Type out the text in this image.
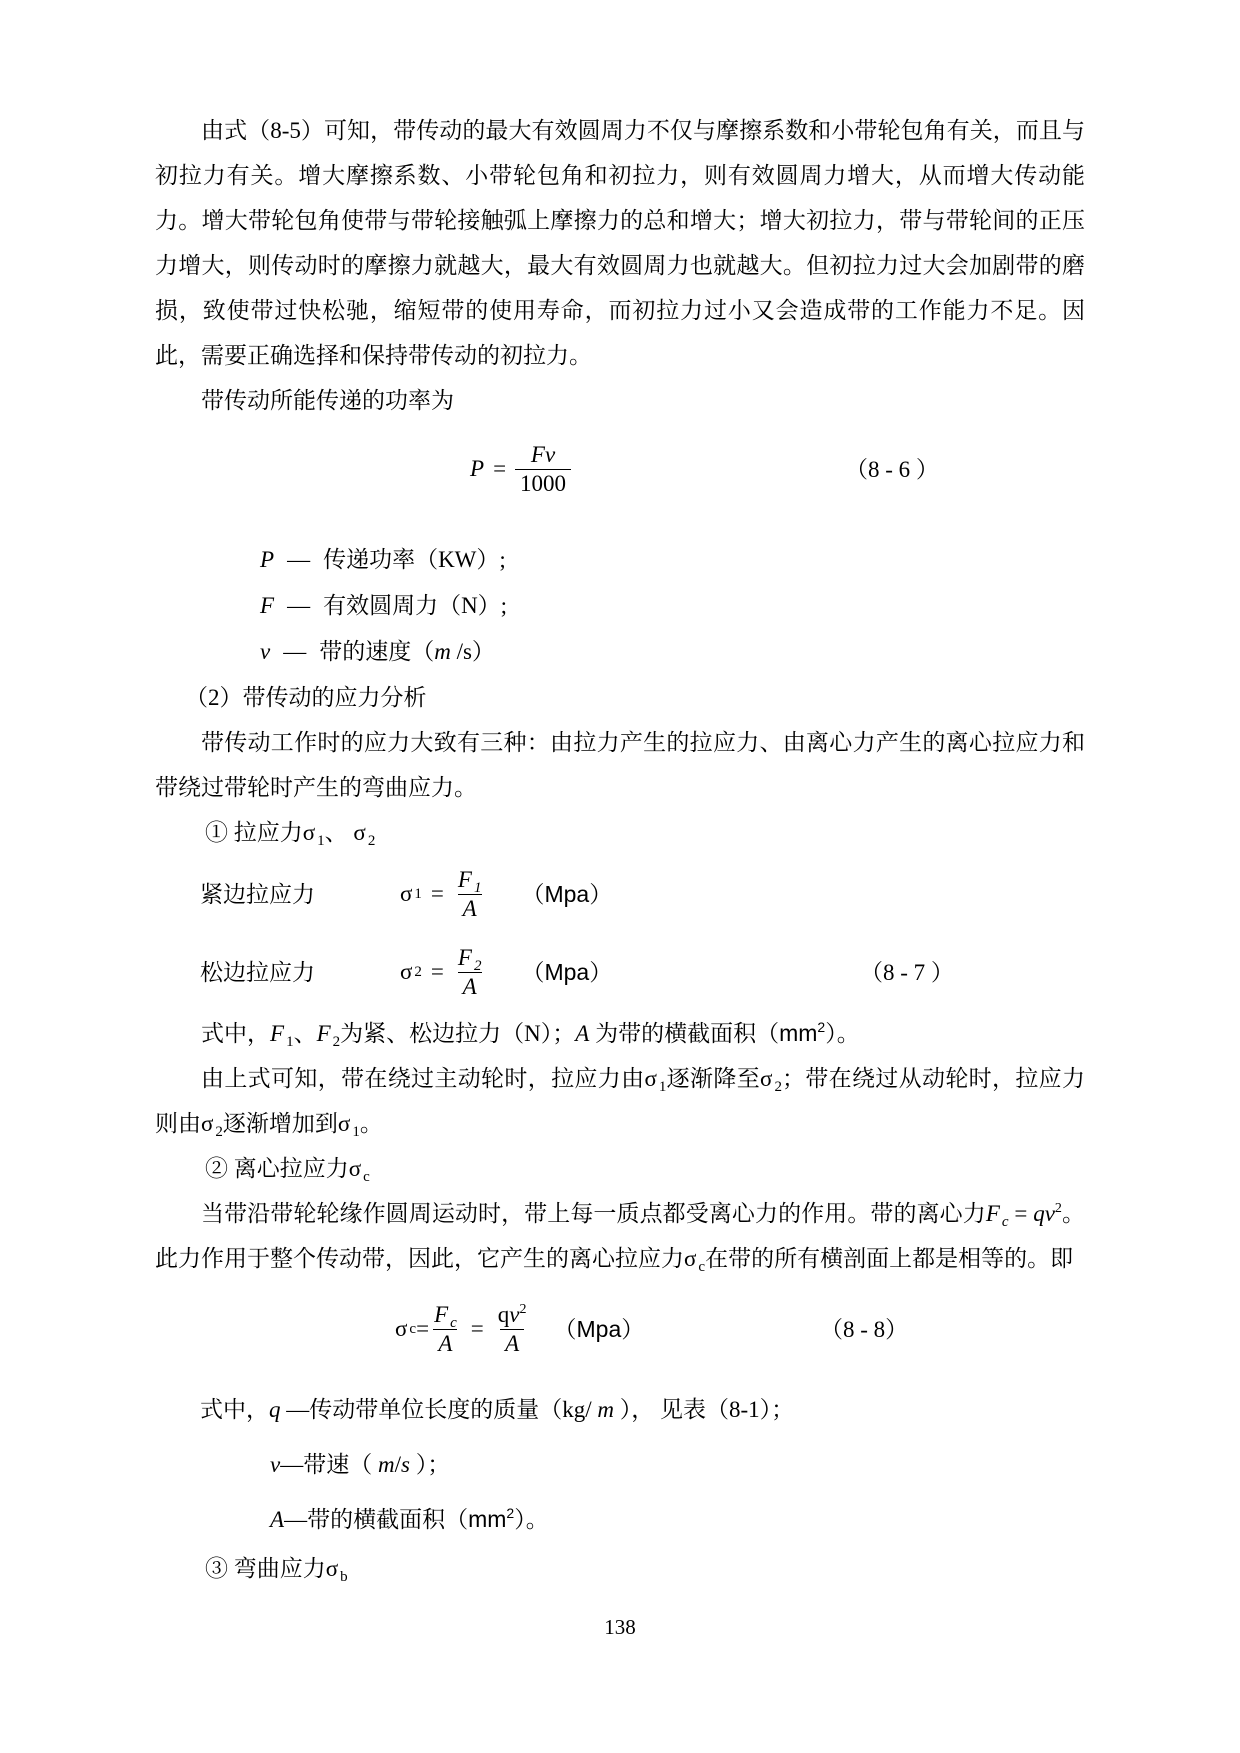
由式（8-5）可知，带传动的最大有效圆周力不仅与摩擦系数和小带轮包角有关，而且与初拉力有关。增大摩擦系数、小带轮包角和初拉力，则有效圆周力增大，从而增大传动能力。增大带轮包角使带与带轮接触弧上摩擦力的总和增大；增大初拉力，带与带轮间的正压力增大，则传动时的摩擦力就越大，最大有效圆周力也就越大。但初拉力过大会加剧带的磨损，致使带过快松驰，缩短带的使用寿命，而初拉力过小又会造成带的工作能力不足。因此，需要正确选择和保持带传动的初拉力。

带传动所能传递的功率为

$P = \frac{Fv}{1000}$	（8 - 6 ）

P — 传递功率（KW）;

F — 有效圆周力（N）;

v — 带的速度（m /s）

（2）带传动的应力分析

带传动工作时的应力大致有三种：由拉力产生的拉应力、由离心力产生的离心拉应力和带绕过带轮时产生的弯曲应力。

① 拉应力σ $_1$、 σ $_2$

紧边拉应力	σ $1 = \frac{F _1}{A} (Mpa)$
松边拉应力	σ $2 = \frac{F _2}{A} (Mpa)$	（8 - 7 ）

式中，F $_1$、F $_2$为紧、松边拉力（N）；A 为带的横截面积$(mm^2)$。

由上式可知，带在绕过主动轮时，拉应力由σ $_1$逐渐降至σ $_2$；带在绕过从动轮时，拉应力则由σ $_2$逐渐增加到σ $_1$。

② 离心拉应力σ $_c$

当带沿带轮轮缘作圆周运动时，带上每一质点都受离心力的作用。带的离心力F $_c = qv^2$。此力作用于整个传动带，因此，它产生的离心拉应力σ $_c$在带的所有横剖面上都是相等的。即

σ $c = \frac{F _c}{A} = \frac{qv^2}{A} (Mpa)$	（8 - 8）

式中，q —传动带单位长度的质量（kg/ m ）， 见表（8-1）；

v—带速（ m/s ）；

A—带的横截面积$(mm^2)$。

③ 弯曲应力σ $_b$

138
